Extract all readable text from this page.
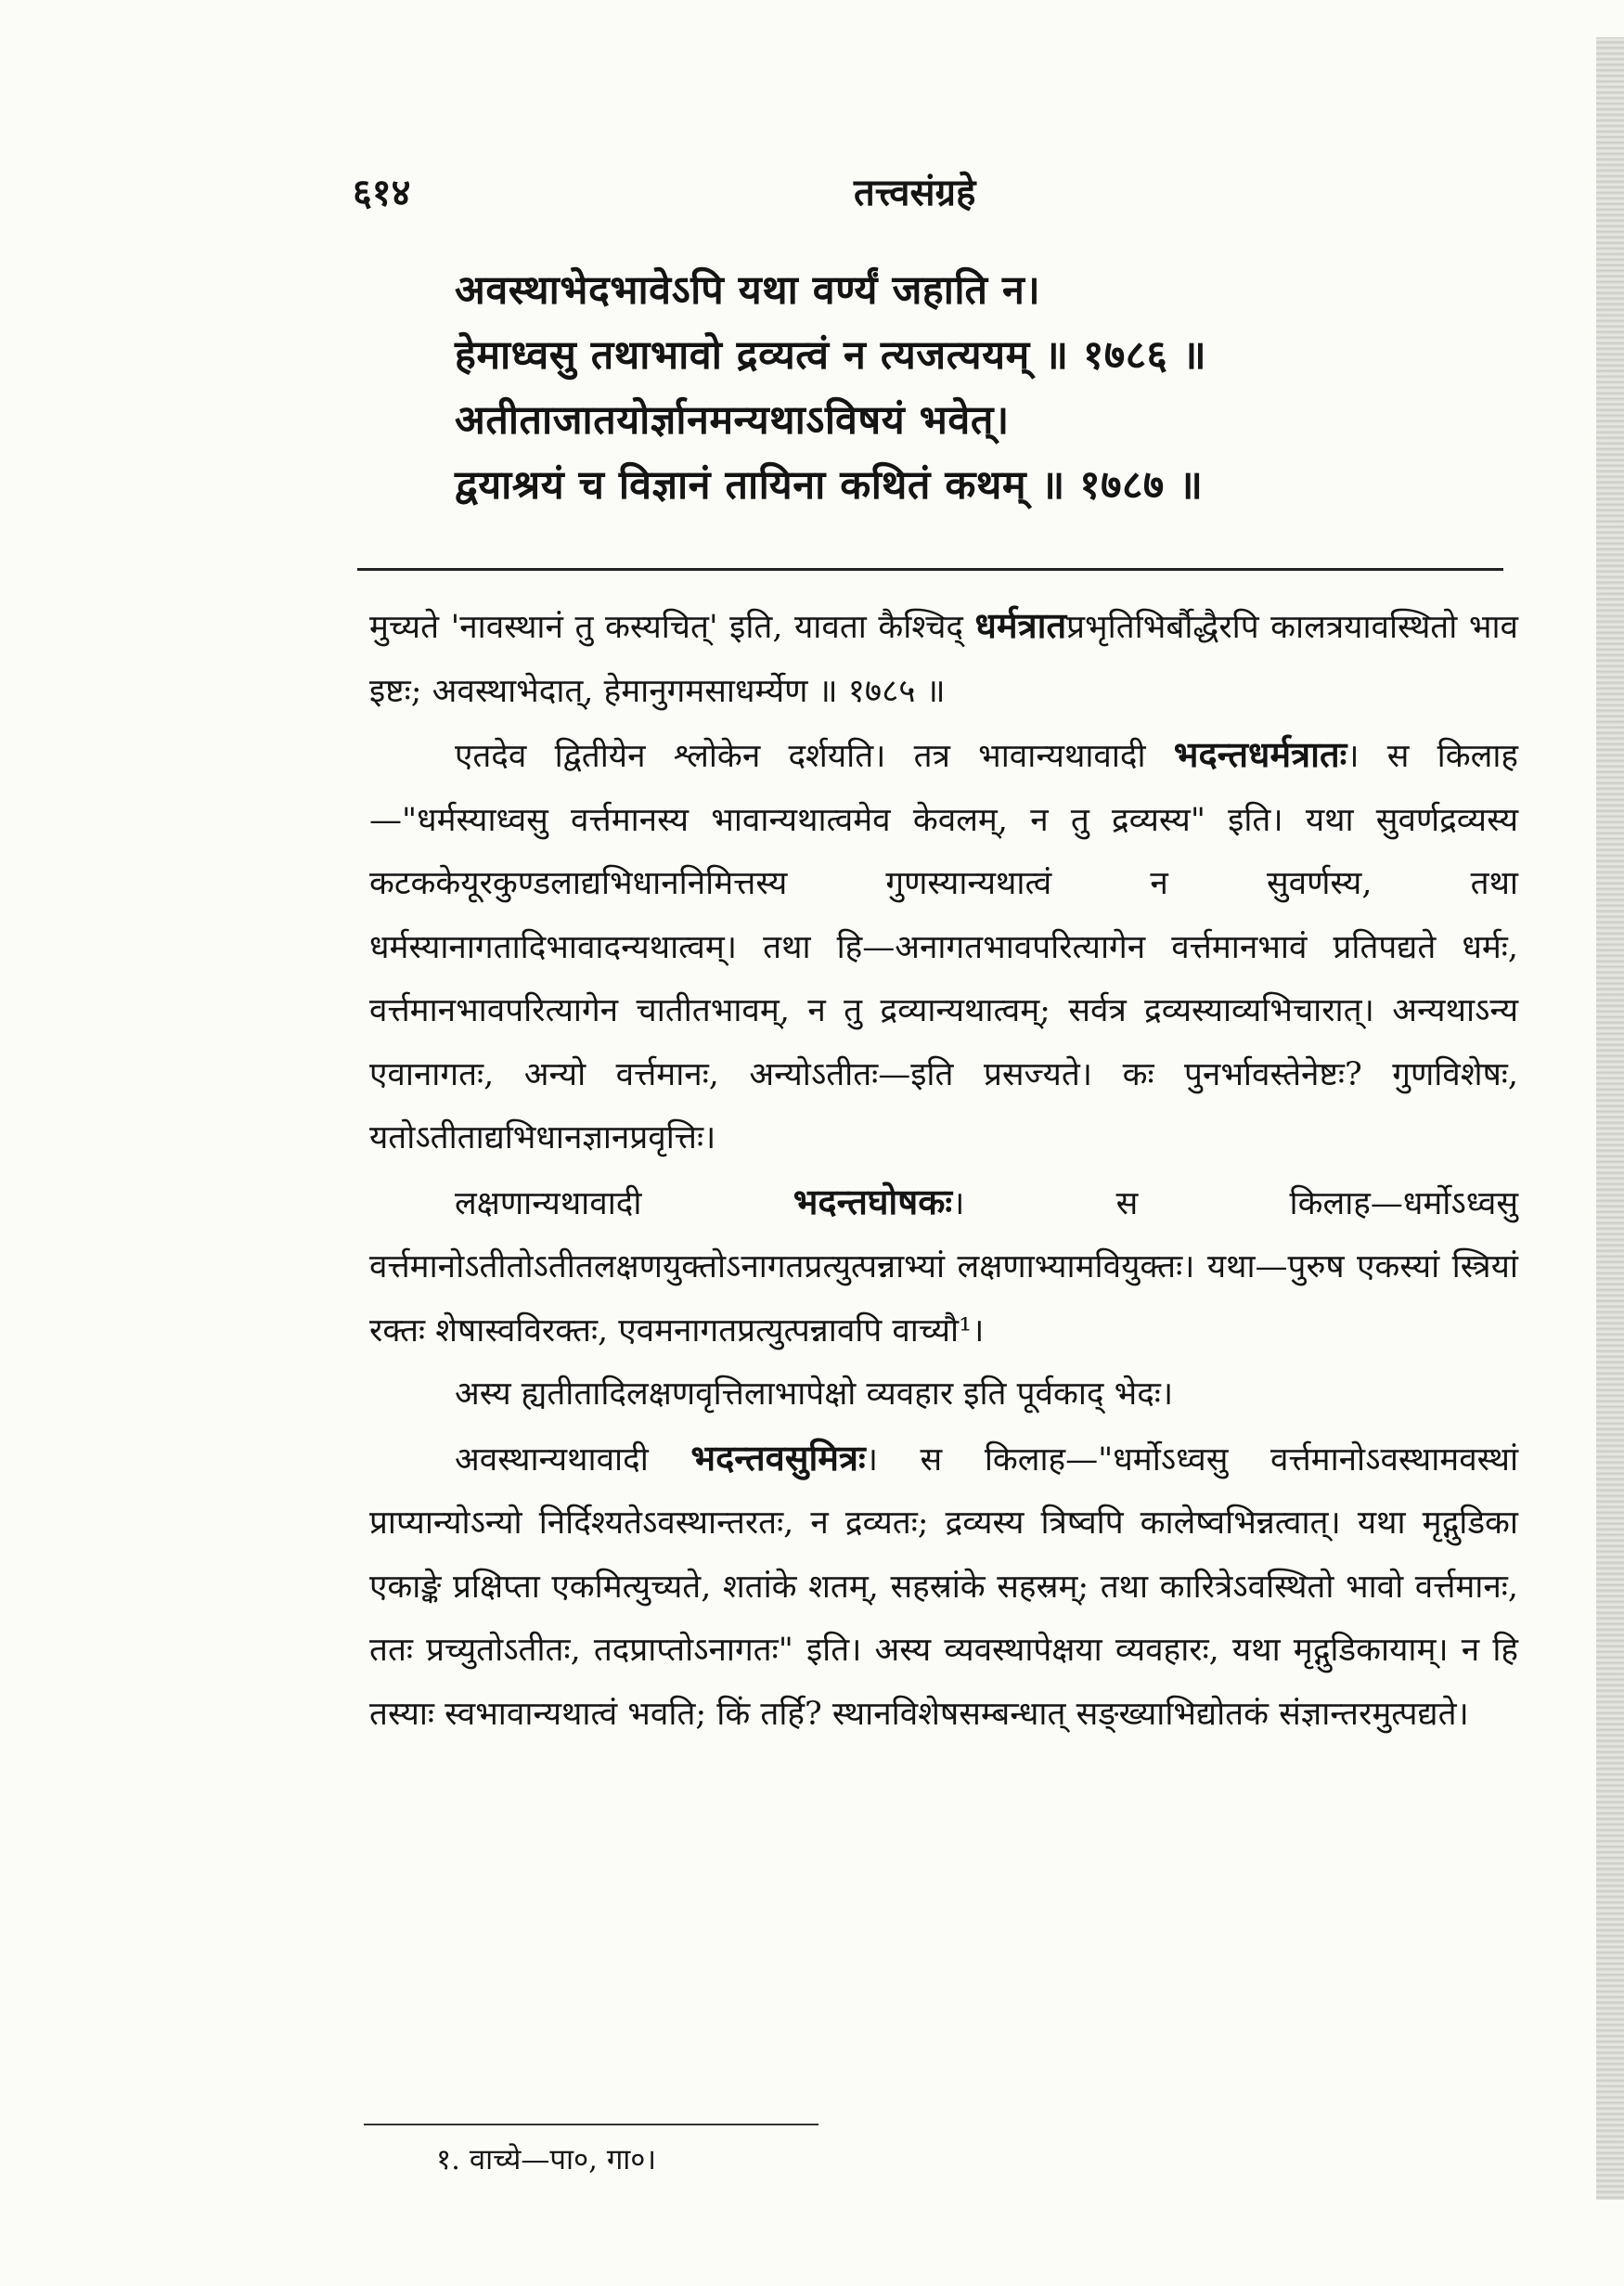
६१४	तत्त्वसंग्रहे
अवस्थाभेदभावेऽपि यथा वर्ण्यं जहाति न।
हेमाध्वसु तथाभावो द्रव्यत्वं न त्यजत्ययम् ॥ १७८६ ॥
अतीताजातयोर्ज्ञानमन्यथाऽविषयं भवेत्।
द्वयाश्रयं च विज्ञानं तायिना कथितं कथम् ॥ १७८७ ॥

मुच्यते 'नावस्थानं तु कस्यचित्' इति, यावता कैश्चिद् धर्मत्रातप्रभृतिभिर्बौद्धैरपि कालत्रयावस्थितो भाव इष्टः; अवस्थाभेदात्, हेमानुगमसाधर्म्येण ॥ १७८५ ॥

एतदेव द्वितीयेन श्लोकेन दर्शयति। तत्र भावान्यथावादी भदन्तधर्मत्रातः। स किलाह—"धर्मस्याध्वसु वर्त्तमानस्य भावान्यथात्वमेव केवलम्, न तु द्रव्यस्य" इति। यथा सुवर्णद्रव्यस्य कटककेयूरकुण्डलाद्यभिधाननिमित्तस्य गुणस्यान्यथात्वं न सुवर्णस्य, तथा धर्मस्यानागतादिभावादन्यथात्वम्। तथा हि—अनागतभावपरित्यागेन वर्त्तमानभावं प्रतिपद्यते धर्मः, वर्त्तमानभावपरित्यागेन चातीतभावम्, न तु द्रव्यान्यथात्वम्; सर्वत्र द्रव्यस्याव्यभिचारात्। अन्यथाऽन्य एवानागतः, अन्यो वर्त्तमानः, अन्योऽतीतः—इति प्रसज्यते। कः पुनर्भावस्तेनेष्टः? गुणविशेषः, यतोऽतीताद्यभिधानज्ञानप्रवृत्तिः।

लक्षणान्यथावादी भदन्तघोषकः। स किलाह—धर्मोऽध्वसु वर्त्तमानोऽतीतोऽतीतलक्षणयुक्तोऽनागतप्रत्युत्पन्नाभ्यां लक्षणाभ्यामवियुक्तः। यथा—पुरुष एकस्यां स्त्रियां रक्तः शेषास्वविरक्तः, एवमनागतप्रत्युत्पन्नावपि वाच्यौ¹।

अस्य ह्यतीतादिलक्षणवृत्तिलाभापेक्षो व्यवहार इति पूर्वकाद् भेदः।

अवस्थान्यथावादी भदन्तवसुमित्रः। स किलाह—"धर्मोऽध्वसु वर्त्तमानोऽवस्थामवस्थां प्राप्यान्योऽन्यो निर्दिश्यतेऽवस्थान्तरतः, न द्रव्यतः; द्रव्यस्य त्रिष्वपि कालेष्वभिन्नत्वात्। यथा मृद्गुडिका एकाङ्के प्रक्षिप्ता एकमित्युच्यते, शतांके शतम्, सहस्रांके सहस्रम्; तथा कारित्रेऽवस्थितो भावो वर्त्तमानः, ततः प्रच्युतोऽतीतः, तदप्राप्तोऽनागतः" इति। अस्य व्यवस्थापेक्षया व्यवहारः, यथा मृद्गुडिकायाम्। न हि तस्याः स्वभावान्यथात्वं भवति; किं तर्हि? स्थानविशेषसम्बन्धात् सङ्ख्याभिद्योतकं संज्ञान्तरमुत्पद्यते।

१. वाच्ये—पा०, गा०।
